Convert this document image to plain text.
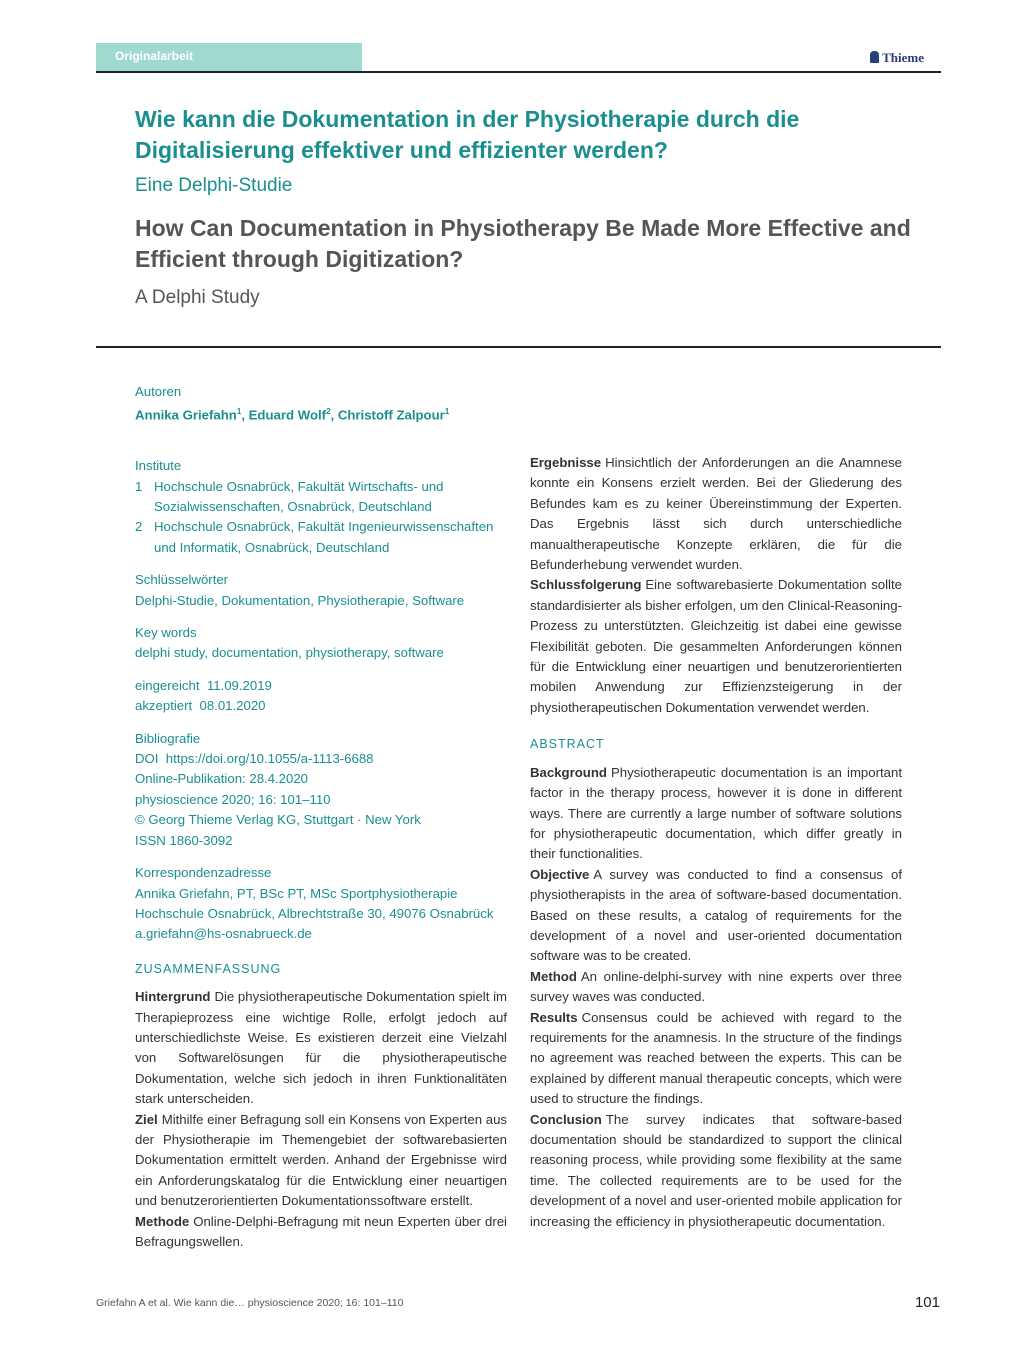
Originalarbeit	Thieme
Wie kann die Dokumentation in der Physiotherapie durch die Digitalisierung effektiver und effizienter werden?
Eine Delphi-Studie
How Can Documentation in Physiotherapy Be Made More Effective and Efficient through Digitization?
A Delphi Study
Autoren
Annika Griefahn$^1$, Eduard Wolf$^2$, Christoff Zalpour$^1$
Institute
1 Hochschule Osnabrück, Fakultät Wirtschafts- und Sozialwissenschaften, Osnabrück, Deutschland
2 Hochschule Osnabrück, Fakultät Ingenieurwissenschaften und Informatik, Osnabrück, Deutschland
Schlüsselwörter
Delphi-Studie, Dokumentation, Physiotherapie, Software
Key words
delphi study, documentation, physiotherapy, software
eingereicht 11.09.2019
akzeptiert 08.01.2020
Bibliografie
DOI https://doi.org/10.1055/a-1113-6688
Online-Publikation: 28.4.2020
physioscience 2020; 16: 101–110
© Georg Thieme Verlag KG, Stuttgart · New York
ISSN 1860-3092
Korrespondenzadresse
Annika Griefahn, PT, BSc PT, MSc Sportphysiotherapie
Hochschule Osnabrück, Albrechtstraße 30, 49076 Osnabrück
a.griefahn@hs-osnabrueck.de
ZUSAMMENFASSUNG

Hintergrund Die physiotherapeutische Dokumentation spielt im Therapieprozess eine wichtige Rolle, erfolgt jedoch auf unterschiedlichste Weise. Es existieren derzeit eine Vielzahl von Softwarelösungen für die physiotherapeutische Dokumentation, welche sich jedoch in ihren Funktionalitäten stark unterscheiden.

Ziel Mithilfe einer Befragung soll ein Konsens von Experten aus der Physiotherapie im Themengebiet der softwarebasierten Dokumentation ermittelt werden. Anhand der Ergebnisse wird ein Anforderungskatalog für die Entwicklung einer neuartigen und benutzerorientierten Dokumentationssoftware erstellt.

Methode Online-Delphi-Befragung mit neun Experten über drei Befragungswellen.

Ergebnisse Hinsichtlich der Anforderungen an die Anamnese konnte ein Konsens erzielt werden. Bei der Gliederung des Befundes kam es zu keiner Übereinstimmung der Experten. Das Ergebnis lässt sich durch unterschiedliche manualtherapeutische Konzepte erklären, die für die Befunderhebung verwendet wurden.

Schlussfolgerung Eine softwarebasierte Dokumentation sollte standardisierter als bisher erfolgen, um den Clinical-Reasoning-Prozess zu unterstützten. Gleichzeitig ist dabei eine gewisse Flexibilität geboten. Die gesammelten Anforderungen können für die Entwicklung einer neuartigen und benutzerorientierten mobilen Anwendung zur Effizienzsteigerung in der physiotherapeutischen Dokumentation verwendet werden.

ABSTRACT

Background Physiotherapeutic documentation is an important factor in the therapy process, however it is done in different ways. There are currently a large number of software solutions for physiotherapeutic documentation, which differ greatly in their functionalities.

Objective A survey was conducted to find a consensus of physiotherapists in the area of software-based documentation. Based on these results, a catalog of requirements for the development of a novel and user-oriented documentation software was to be created.

Method An online-delphi-survey with nine experts over three survey waves was conducted.

Results Consensus could be achieved with regard to the requirements for the anamnesis. In the structure of the findings no agreement was reached between the experts. This can be explained by different manual therapeutic concepts, which were used to structure the findings.

Conclusion The survey indicates that software-based documentation should be standardized to support the clinical reasoning process, while providing some flexibility at the same time. The collected requirements are to be used for the development of a novel and user-oriented mobile application for increasing the efficiency in physiotherapeutic documentation.

Griefahn A et al. Wie kann die… physioscience 2020; 16: 101–110	101
